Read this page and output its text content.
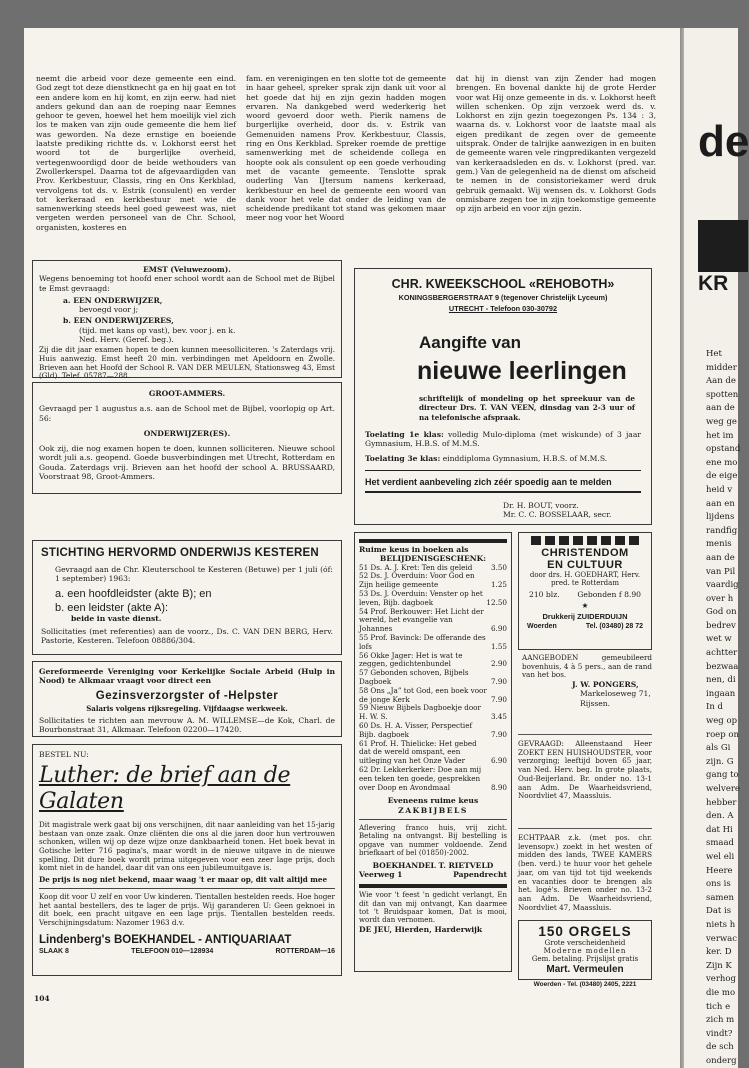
neemt die arbeid voor deze gemeente een eind. God zegt tot deze dienstknecht ga en hij gaat en tot een andere kom en hij komt, en zijn eerw. had niet anders gekund dan aan de roeping naar Eemnes gehoor te geven, hoewel het hem moeilijk viel zich los te maken van zijn oude gemeente die hem lief was geworden. Na deze ernstige en boeiende laatste prediking richtte ds. v. Lokhorst eerst het woord tot de burgerlijke overheid, vertegenwoordigd door de beide wethouders van Zwollerkerspel. Daarna tot de afgevaardigden van Prov. Kerkbestuur, Classis, ring en Ons Kerkblad, vervolgens tot ds. v. Estrik (consulent) en verder tot kerkeraad en kerkbestuur met wie de samenwerking steeds heel goed geweest was, niet vergeten werden personeel van de Chr. School, organisten, kosteres en

fam. en verenigingen en ten slotte tot de gemeente in haar geheel, spreker sprak zijn dank uit voor al het goede dat hij en zijn gezin hadden mogen ervaren. Na dankgebed werd wederkerig het woord gevoerd door weth. Pierik namens de burgerlijke overheid, door ds. v. Estrik van Gemenuiden namens Prov. Kerkbestuur, Classis, ring en Ons Kerkblad. Spreker roemde de prettige samenwerking met de scheidende collega en hoopte ook als consulent op een goede verhouding met de vacante gemeente. Tenslotte sprak ouderling Van IJtersum namens kerkeraad, kerkbestuur en heel de gemeente een woord van dank voor het vele dat onder de leiding van de scheidende predikant tot stand was gekomen maar meer nog voor het Woord

dat hij in dienst van zijn Zender had mogen brengen. En bovenal dankte hij de grote Herder voor wat Hij onze gemeente in ds. v. Lokhorst heeft willen schenken. Op zijn verzoek werd ds. v. Lokhorst en zijn gezin toegezongen Ps. 134 : 3, waarna ds. v. Lokhorst voor de laatste maal als eigen predikant de zegen over de gemeente uitsprak. Onder de talrijke aanwezigen in en buiten de gemeente waren vele ringpredikanten vergezeld van kerkeraadsleden en ds. v. Lokhorst (pred. var. gem.) Van de gelegenheid na de dienst om afscheid te nemen in de consistoriekamer werd druk gebruik gemaakt. Wij wensen ds. v. Lokhorst Gods onmisbare zegen toe in zijn toekomstige gemeente op zijn arbeid en voor zijn gezin.

EMST (Veluwezoom).

Wegens benoeming tot hoofd ener school wordt aan de School met de Bijbel te Emst gevraagd:

a. EEN ONDERWIJZER,

bevoegd voor j;

b. EEN ONDERWIJZERES,

(tijd. met kans op vast), bev. voor j. en k.

Ned. Herv. (Geref. beg.).

Zij die dit jaar examen hopen te doen kunnen meesolliciteren. 's Zaterdags vrij. Huis aanwezig. Emst heeft 20 min. verbindingen met Apeldoorn en Zwolle. Brieven aan het Hoofd der School R. VAN DER MEULEN, Stationsweg 43, Emst (Gld). Telef. 05787—288.

GROOT-AMMERS.

Gevraagd per 1 augustus a.s. aan de School met de Bijbel, voorlopig op Art. 56:

ONDERWIJZER(ES).

Ook zij, die nog examen hopen te doen, kunnen solliciteren. Nieuwe school wordt juli a.s. geopend. Goede busverbindingen met Utrecht, Rotterdam en Gouda. Zaterdags vrij. Brieven aan het hoofd der school A. BRUSSAARD, Voorstraat 98, Groot-Ammers.

STICHTING HERVORMD ONDERWIJS KESTEREN

Gevraagd aan de Chr. Kleuterschool te Kesteren (Betuwe) per 1 juli (óf: 1 september) 1963:

a. een hoofdleidster (akte B); en

b. een leidster (akte A):

beide in vaste dienst.

Sollicitaties (met referenties) aan de voorz., Ds. C. VAN DEN BERG, Herv. Pastorie, Kesteren. Telefoon 08886/304.

Gereformeerde Vereniging voor Kerkelijke Sociale Arbeid (Hulp in Nood) te Alkmaar vraagt voor direct een

Gezinsverzorgster of -Helpster

Salaris volgens rijksregeling. Vijfdaagse werkweek.

Sollicitaties te richten aan mevrouw A. M. WILLEMSE—de Kok, Charl. de Bourbonstraat 31, Alkmaar. Telefoon 02200—17420.

BESTEL NU:

Luther: de brief aan de Galaten

Dit magistrale werk gaat bij ons verschijnen, dit naar aanleiding van het 15-jarig bestaan van onze zaak. Onze cliënten die ons al die jaren door hun vertrouwen schonken, willen wij op deze wijze onze dankbaarheid tonen. Het boek bevat in Gotische letter 716 pagina's, maar wordt in de nieuwe uitgave in de nieuwe spelling. Dit dure boek wordt prima uitgegeven voor een zeer lage prijs, doch komt niet in de handel, daar dit van ons een jubileumuitgave is.

De prijs is nog niet bekend, maar waag 't er maar op, dit valt altijd mee

Koop dit voor U zelf en voor Uw kinderen. Tientallen bestelden reeds. Hoe hoger het aantal bestellers, des te lager de prijs. Wij garanderen U: Geen geknoei in dit boek, een pracht uitgave en een lage prijs. Tientallen bestelden reeds. Verschijningsdatum: Nazomer 1963 d.v.

Lindenberg's BOEKHANDEL - ANTIQUARIAAT

SLAAK 8	TELEFOON 010—128934	ROTTERDAM—16

CHR. KWEEKSCHOOL «REHOBOTH»

KONINGSBERGERSTRAAT 9 (tegenover Christelijk Lyceum)

UTRECHT - Telefoon 030-30792

Aangifte van

nieuwe leerlingen

schriftelijk of mondeling op het spreekuur van de directeur Drs. T. VAN VEEN, dinsdag van 2-3 uur of na telefonische afspraak.

Toelating 1e klas: volledig Mulo-diploma (met wiskunde) of 3 jaar Gymnasium, H.B.S. of M.M.S.

Toelating 3e klas: einddiploma Gymnasium, H.B.S. of M.M.S.

Het verdient aanbeveling zich zéér spoedig aan te melden

Dr. H. BOUT, voorz.

Mr. C. C. BOSSELAAR, secr.

Ruime keus in boeken als

BELIJDENISGESCHENK:

51 Ds. A. J. Kret: Ten dis geleid	3.50

52 Ds. J. Overduin: Voor God en Zijn heilige gemeente	1.25

53 Ds. J. Overduin: Venster op het leven, Bijb. dagboek	12.50

54 Prof. Berkouwer: Het Licht der wereld, het evangelie van Johannes	6.90

55 Prof. Bavinck: De offerande des lofs	1.55

56 Okke Jager: Het is wat te zeggen, gedichtenbundel	2.90

57 Gebonden schoven, Bijbels Dagboek	7.90

58 Ons „Ja” tot God, een boek voor de jonge Kerk	7.90

59 Nieuw Bijbels Dagboekje door H. W. S.	3.45

60 Ds. H. A. Visser, Perspectief Bijb. dagboek	7.90

61 Prof. H. Thielicke: Het gebed dat de wereld omspant, een uitleging van het Onze Vader	6.90

62 Dr. Lekkerkerker: Doe aan mij een teken ten goede, gesprekken over Doop en Avondmaal	8.90

Eveneens ruime keus

ZAKBIJBELS

Aflevering franco huis, vrij zicht. Betaling na ontvangst. Bij bestelling is opgave van nummer voldoende. Zend briefkaart of bel (01850)-2002.

BOEKHANDEL T. RIETVELD

Veerweg 1	Papendrecht

Wie voor 't feest 'n gedicht verlangt, En dit dan van mij ontvangt, Kan daarmee tot 't Bruidspaar komen, Dat is mooi, wordt dan vernomen.

DE JEU, Hierden, Harderwijk

CHRISTENDOM

EN CULTUUR

door drs. H. GOEDHART, Herv. pred. te Rotterdam

210 blz. Gebonden f 8.90

★

Drukkerij ZUIDERDUIJN

Woerden	Tel. (03480) 28 72

AANGEBODEN gemeubileerd bovenhuis, 4 à 5 pers., aan de rand van het bos.

J. W. PONGERS,

Markeloseweg 71,

Rijssen.

GEVRAAGD: Alleenstaand Heer ZOEKT EEN HUISHOUDSTER, voor verzorging; leeftijd boven 65 jaar, van Ned. Herv. beg. In grote plaats, Oud-Beijerland. Br. onder no. 13-1 aan Adm. De Waarheidsvriend, Noordvliet 47, Maassluis.

ECHTPAAR z.k. (met pos. chr. levensopv.) zoekt in het westen of midden des lands, TWEE KAMERS (ben. verd.) te huur voor het gehele jaar, om van tijd tot tijd weekends en vacanties door te brengen als het. logé's. Brieven onder no. 13-2 aan Adm. De Waarheidsvriend, Noordvliet 47, Maassluis.

150 ORGELS

Grote verscheidenheid

Moderne modellen

Gem. betaling. Prijslijst gratis

Mart. Vermeulen

Woerden - Tel. (03480) 2405, 2221

104

de

KR

Het

midder

Aan de

spotten

aan de

weg ge

het im

opstand

ene mo

de eige

heid v

aan en

lijdens

randfig

menis

aan de

van Pil

vaardig

over h

God on

bedrev

wet w

achtter

bezwaa

nen, di

ingaan

In d

weg op

roep on

als Gi

zijn. G

gang to

welvere

hebber

den. A

dat Hi

smaad

wel eli

Heere

ons is

samen

Dat is

niets h

verwac

ker. D

Zijn K

verhog

die mo

tich e

zich m

vindt?

de sch

onderg
